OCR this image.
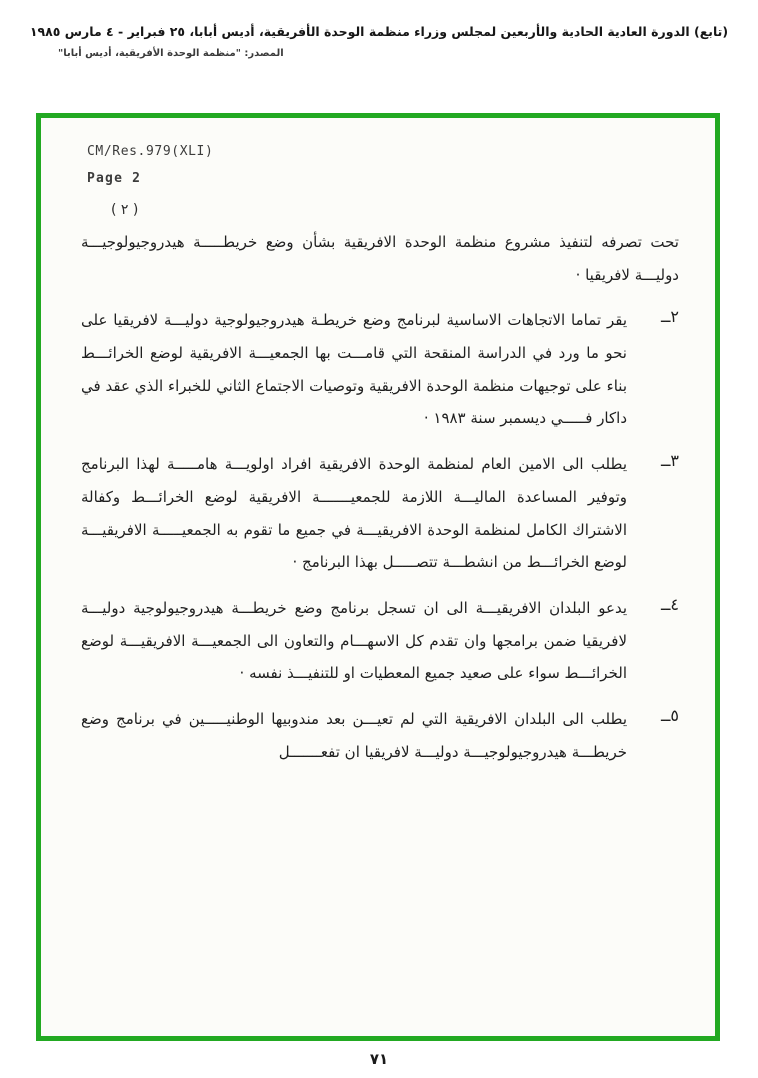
(تابع) الدورة العادية الحادية والأربعين لمجلس وزراء منظمة الوحدة الأفريقية، أديس أبابا، ٢٥ فبراير - ٤ مارس ١٩٨٥
المصدر: "منظمة الوحدة الأفريقية، أديس أبابا"
CM/Res.979(XLI)
Page 2
( ٢ )
تحت تصرفه لتنفيذ مشروع منظمة الوحدة الافريقية بشأن وضع خريطـــــة هيدروجيولوجيـــة دوليـــة لافريقيا ·
٢ــ
يقر تماما الاتجاهات الاساسية لبرنامج وضع خريطـة هيدروجيولوجية دوليـــة لافريقيا على نحو ما ورد في الدراسة المنقحة التي قامـــت بها الجمعيـــة الافريقية لوضع الخرائـــط بناء على توجيهات منظمة الوحدة الافريقية وتوصيات الاجتماع الثاني للخبراء الذي عقد في داكار فـــــي ديسمبر سنة ١٩٨٣ ·
٣ــ
يطلب الى الامين العام لمنظمة الوحدة الافريقية افراد اولويـــة هامـــــة لهذا البرنامج وتوفير المساعدة الماليـــة اللازمة للجمعيـــــــة الافريقية لوضع الخرائـــط وكفالة الاشتراك الكامل لمنظمة الوحدة الافريقيـــة في جميع ما تقوم به الجمعيـــــة الافريقيـــة لوضع الخرائـــط من انشطـــة تتصـــــل بهذا البرنامج ·
٤ــ
يدعو البلدان الافريقيـــة الى ان تسجل برنامج وضع خريطـــة هيدروجيولوجية دوليـــة لافريقيا ضمن برامجها وان تقدم كل الاسهـــام والتعاون الى الجمعيـــة الافريقيـــة لوضع الخرائـــط سواء على صعيد جميع المعطيات او للتنفيـــذ نفسه ·
٥ــ
يطلب الى البلدان الافريقية التي لم تعيـــن بعد مندوبيها الوطنيـــــين في برنامج وضع خريطـــة هيدروجيولوجيـــة دوليـــة لافريقيا ان تفعـــــــل
٧١
